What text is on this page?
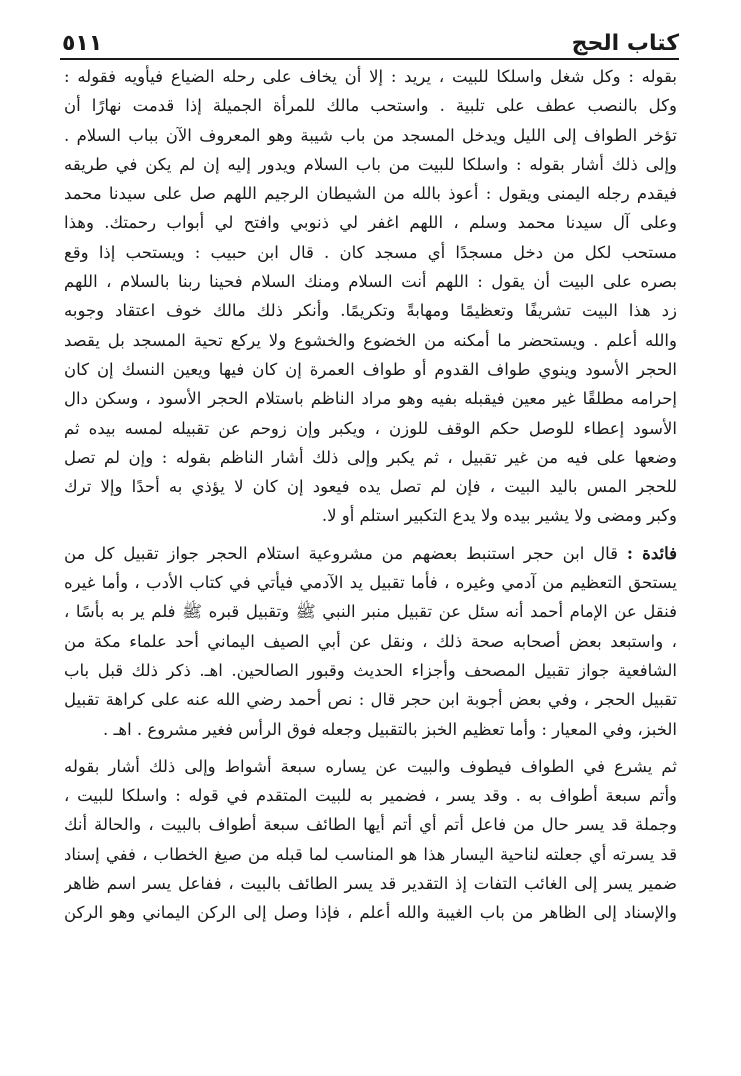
كتاب الحج
٥١١
بقوله : وكل شغل واسلكا للبيت ، يريد : إلا أن يخاف على رحله الضياع فيأويه فقوله :
وكل بالنصب عطف على تلبية . واستحب مالك للمرأة الجميلة إذا قدمت نهارًا أن
تؤخر الطواف إلى الليل ويدخل المسجد من باب شيبة وهو المعروف الآن بباب السلام .
وإلى ذلك أشار بقوله : واسلكا للبيت من باب السلام ويدور إليه إن لم يكن في طريقه
فيقدم رجله اليمنى ويقول : أعوذ بالله من الشيطان الرجيم اللهم صل على سيدنا محمد
وعلى آل سيدنا محمد وسلم ، اللهم اغفر لي ذنوبي وافتح لي أبواب رحمتك. وهذا
مستحب لكل من دخل مسجدًا أي مسجد كان . قال ابن حبيب : ويستحب إذا وقع
بصره على البيت أن يقول : اللهم أنت السلام ومنك السلام فحينا ربنا بالسلام ، اللهم
زد هذا البيت تشريفًا وتعظيمًا ومهابةً وتكريمًا. وأنكر ذلك مالك خوف اعتقاد وجوبه
والله أعلم . ويستحضر ما أمكنه من الخضوع والخشوع ولا يركع تحية المسجد بل يقصد
الحجر الأسود وينوي طواف القدوم أو طواف العمرة إن كان فيها ويعين النسك إن كان
إحرامه مطلقًا غير معين فيقبله بفيه وهو مراد الناظم باستلام الحجر الأسود ، وسكن دال
الأسود إعطاء للوصل حكم الوقف للوزن ، ويكبر وإن زوحم عن تقبيله لمسه بيده ثم
وضعها على فيه من غير تقبيل ، ثم يكبر وإلى ذلك أشار الناظم بقوله : وإن لم تصل
للحجر المس باليد البيت ، فإن لم تصل يده فيعود إن كان لا يؤذي به أحدًا وإلا ترك
وكبر ومضى ولا يشير بيده ولا يدع التكبير استلم أو لا.
فائدة : قال ابن حجر استنبط بعضهم من مشروعية استلام الحجر جواز تقبيل كل من
يستحق التعظيم من آدمي وغيره ، فأما تقبيل يد الآدمي فيأتي في كتاب الأدب ، وأما غيره
فنقل عن الإمام أحمد أنه سئل عن تقبيل منبر النبي ﷺ وتقبيل قبره ﷺ فلم ير به بأسًا ،
، واستبعد بعض أصحابه صحة ذلك ، ونقل عن أبي الصيف اليماني أحد علماء مكة من
الشافعية جواز تقبيل المصحف وأجزاء الحديث وقبور الصالحين. اهـ. ذكر ذلك قبل باب
تقبيل الحجر ، وفي بعض أجوبة ابن حجر قال : نص أحمد رضي الله عنه على كراهة تقبيل
الخبز، وفي المعيار : وأما تعظيم الخبز بالتقبيل وجعله فوق الرأس فغير مشروع . اهـ .
ثم يشرع في الطواف فيطوف والبيت عن يساره سبعة أشواط وإلى ذلك أشار بقوله
وأتم سبعة أطواف به . وقد يسر ، فضمير به للبيت المتقدم في قوله : واسلكا للبيت ،
وجملة قد يسر حال من فاعل أتم أي أتم أيها الطائف سبعة أطواف بالبيت ، والحالة أنك
قد يسرته أي جعلته لناحية اليسار هذا هو المناسب لما قبله من صيغ الخطاب ، ففي إسناد
ضمير يسر إلى الغائب التفات إذ التقدير قد يسر الطائف بالبيت ، ففاعل يسر اسم ظاهر
والإسناد إلى الظاهر من باب الغيبة والله أعلم ، فإذا وصل إلى الركن اليماني وهو الركن
